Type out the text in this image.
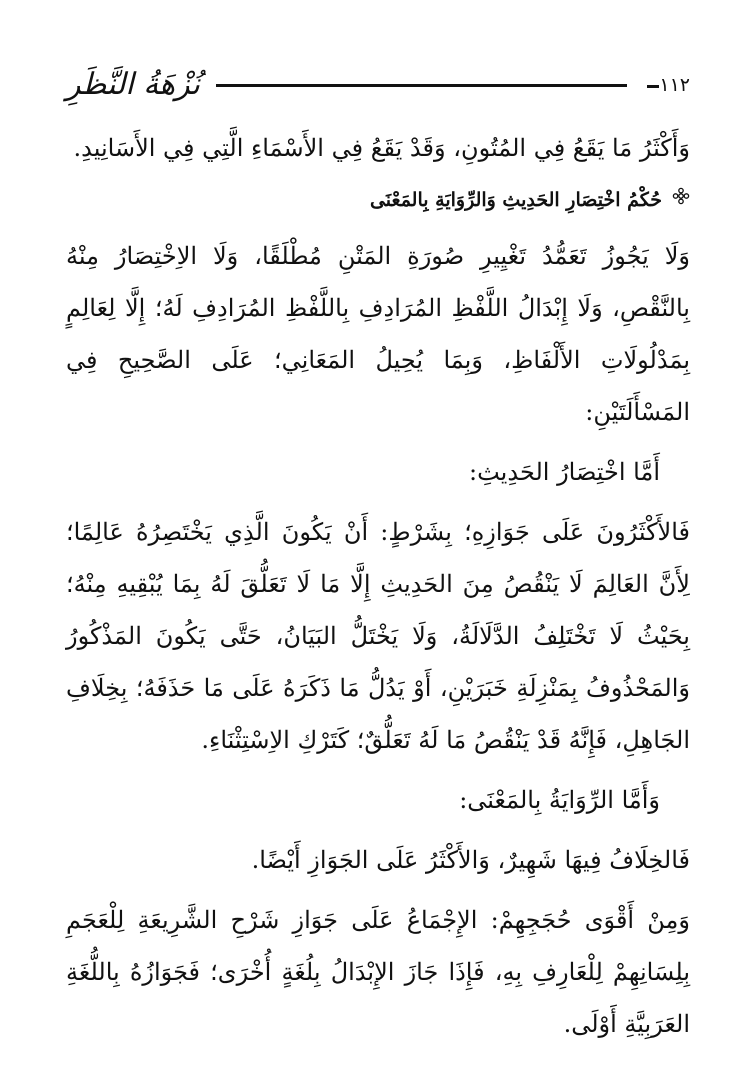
نُزْهَةُ النَّظَرِ	١١٢

وَأَكْثَرُ مَا يَقَعُ فِي المُتُونِ، وَقَدْ يَقَعُ فِي الأَسْمَاءِ الَّتِي فِي الأَسَانِيدِ.

حُكْمُ اخْتِصَارِ الحَدِيثِ وَالرِّوَايَةِ بِالمَعْنَى

وَلَا يَجُوزُ تَعَمُّدُ تَغْيِيرِ صُورَةِ المَتْنِ مُطْلَقًا، وَلَا الاِخْتِصَارُ مِنْهُ بِالنَّقْصِ، وَلَا إِبْدَالُ اللَّفْظِ المُرَادِفِ بِاللَّفْظِ المُرَادِفِ لَهُ؛ إِلَّا لِعَالِمٍ بِمَدْلُولَاتِ الأَلْفَاظِ، وَبِمَا يُحِيلُ المَعَانِي؛ عَلَى الصَّحِيحِ فِي المَسْأَلَتَيْنِ:

أَمَّا اخْتِصَارُ الحَدِيثِ:

فَالأَكْثَرُونَ عَلَى جَوَازِهِ؛ بِشَرْطٍ: أَنْ يَكُونَ الَّذِي يَخْتَصِرُهُ عَالِمًا؛ لِأَنَّ العَالِمَ لَا يَنْقُصُ مِنَ الحَدِيثِ إِلَّا مَا لَا تَعَلُّقَ لَهُ بِمَا يُبْقِيهِ مِنْهُ؛ بِحَيْثُ لَا تَخْتَلِفُ الدَّلَالَةُ، وَلَا يَخْتَلُّ البَيَانُ، حَتَّى يَكُونَ المَذْكُورُ وَالمَحْذُوفُ بِمَنْزِلَةِ خَبَرَيْنِ، أَوْ يَدُلُّ مَا ذَكَرَهُ عَلَى مَا حَذَفَهُ؛ بِخِلَافِ الجَاهِلِ، فَإِنَّهُ قَدْ يَنْقُصُ مَا لَهُ تَعَلُّقٌ؛ كَتَرْكِ الاِسْتِثْنَاءِ.

وَأَمَّا الرِّوَايَةُ بِالمَعْنَى:

فَالخِلَافُ فِيهَا شَهِيرٌ، وَالأَكْثَرُ عَلَى الجَوَازِ أَيْضًا.

وَمِنْ أَقْوَى حُجَجِهِمْ: الإِجْمَاعُ عَلَى جَوَازِ شَرْحِ الشَّرِيعَةِ لِلْعَجَمِ بِلِسَانِهِمْ لِلْعَارِفِ بِهِ، فَإِذَا جَازَ الإِبْدَالُ بِلُغَةٍ أُخْرَى؛ فَجَوَازُهُ بِاللُّغَةِ العَرَبِيَّةِ أَوْلَى.
